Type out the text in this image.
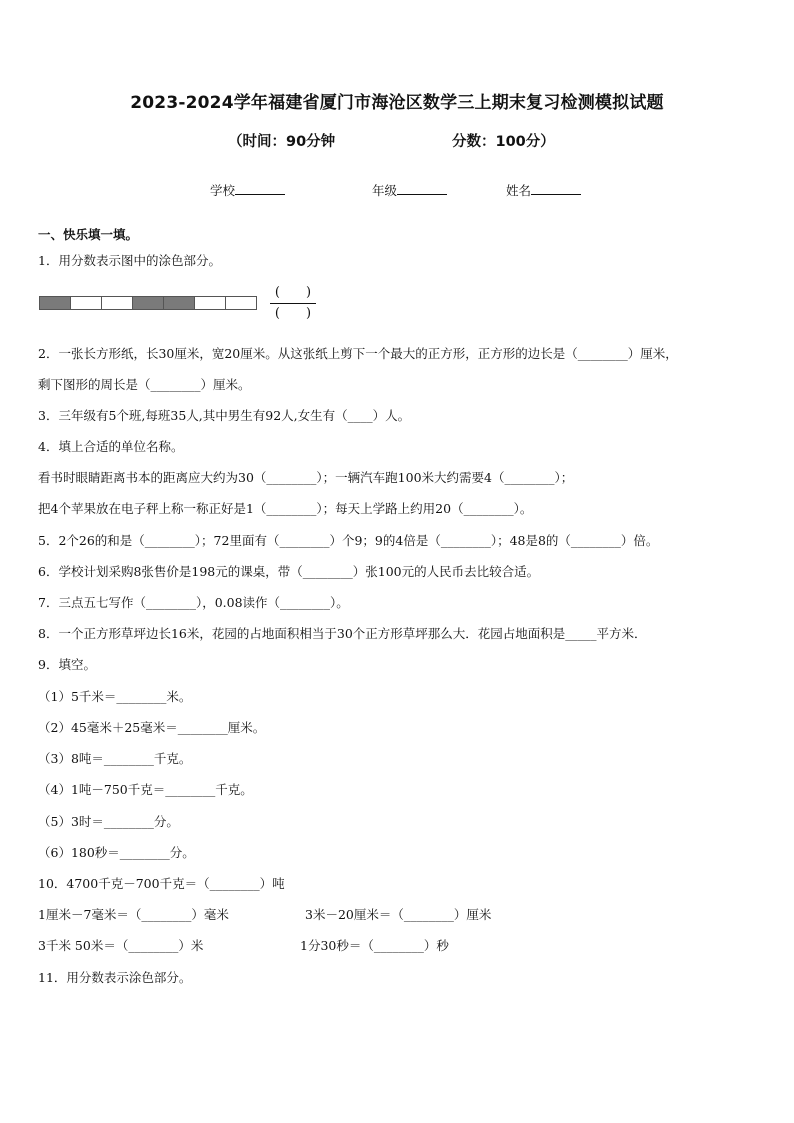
2023-2024学年福建省厦门市海沧区数学三上期末复习检测模拟试题
（时间：90分钟	分数：100分）
学校	年级	姓名
一、快乐填一填。
1．用分数表示图中的涂色部分。
(　　)
(　　)
2．一张长方形纸，长30厘米，宽20厘米。从这张纸上剪下一个最大的正方形，正方形的边长是（________）厘米，
剩下图形的周长是（________）厘米。
3．三年级有5个班,每班35人,其中男生有92人,女生有（____）人。
4．填上合适的单位名称。
看书时眼睛距离书本的距离应大约为30（________）；一辆汽车跑100米大约需要4（________）；
把4个苹果放在电子秤上称一称正好是1（________）；每天上学路上约用20（________）。
5．2个26的和是（________）；72里面有（________）个9；9的4倍是（________）；48是8的（________）倍。
6．学校计划采购8张售价是198元的课桌，带（________）张100元的人民币去比较合适。
7．三点五七写作（________），0.08读作（________）。
8．一个正方形草坪边长16米，花园的占地面积相当于30个正方形草坪那么大．花园占地面积是_____平方米．
9．填空。
（1）5千米＝________米。
（2）45毫米＋25毫米＝________厘米。
（3）8吨＝________千克。
（4）1吨－750千克＝________千克。
（5）3时＝________分。
（6）180秒＝________分。
10．4700千克－700千克＝（________）吨
1厘米－7毫米＝（________）毫米	3米－20厘米＝（________）厘米
3千米 50米＝（________）米	1分30秒＝（________）秒
11．用分数表示涂色部分。
